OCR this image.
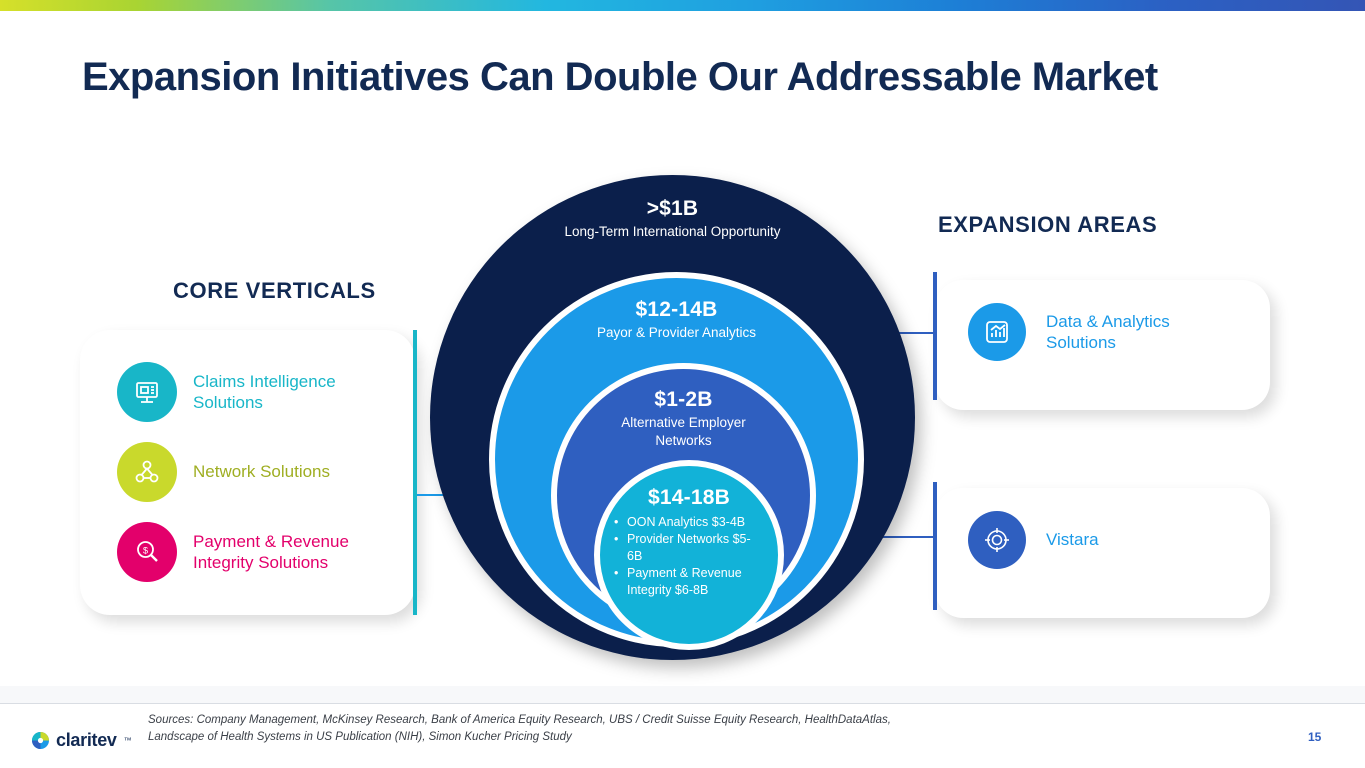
Expansion Initiatives Can Double Our Addressable Market
CORE VERTICALS
EXPANSION AREAS
Claims Intelligence Solutions
Network Solutions
$	Payment & Revenue Integrity Solutions
>$1B
Long-Term International Opportunity
$12-14B
Payor & Provider Analytics
$1-2B
Alternative Employer Networks
$14-18B
• OON Analytics $3-4B
• Provider Networks $5-6B
• Payment & Revenue Integrity $6-8B
Data & Analytics Solutions
Vistara
Sources: Company Management, McKinsey Research, Bank of America Equity Research, UBS / Credit Suisse Equity Research, HealthDataAtlas,
Landscape of Health Systems in US Publication (NIH), Simon Kucher Pricing Study
claritev ™	15
